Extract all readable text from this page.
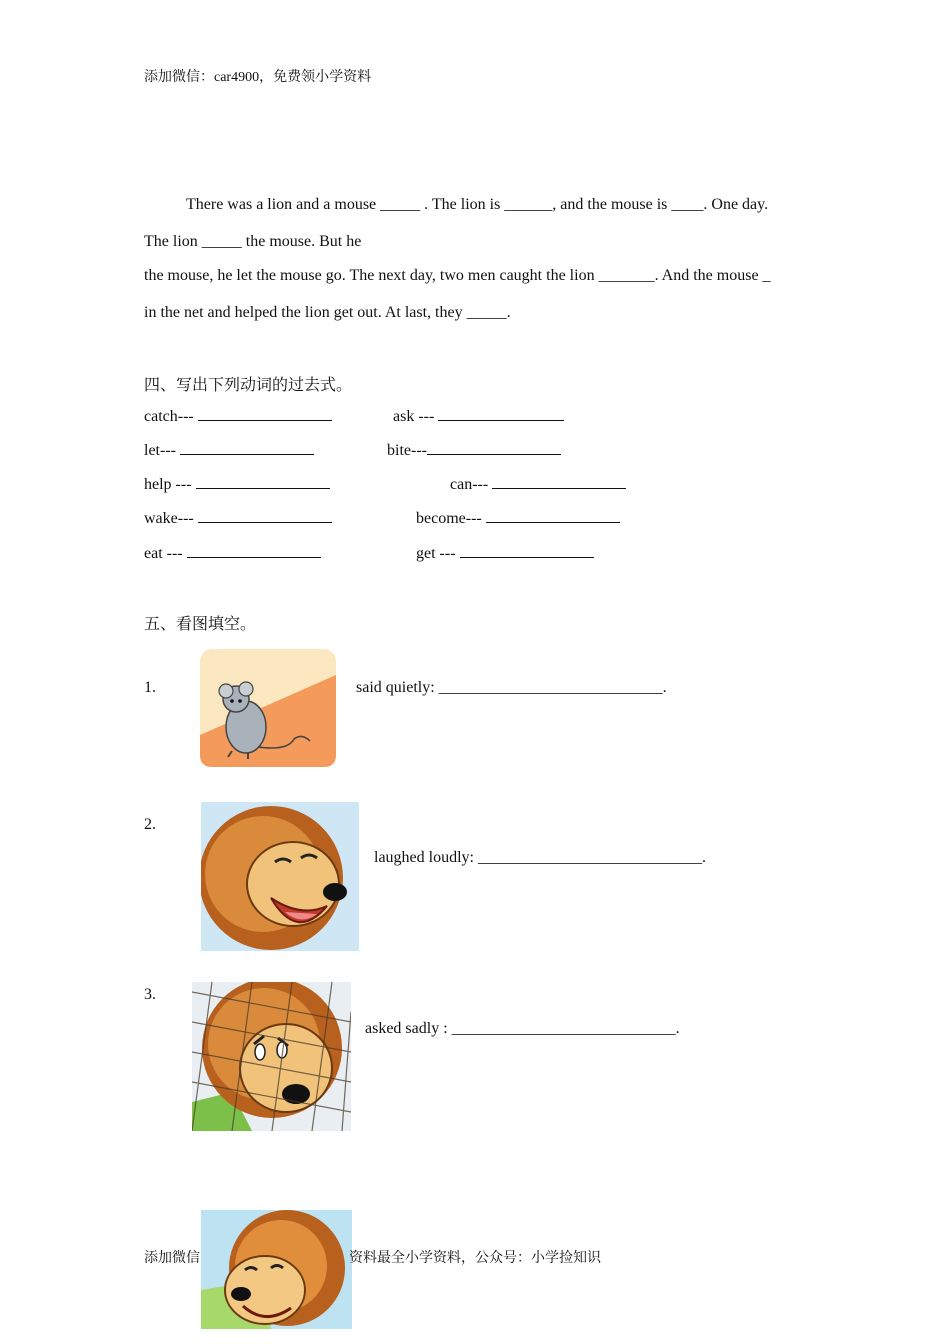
添加微信：car4900，免费领小学资料
There was a lion and a mouse _____ . The lion is ______, and the mouse is ____. One day.
The lion _____ the mouse. But he
the mouse, he let the mouse go. The next day, two men caught the lion _______. And the mouse _
in the net and helped the lion get out. At last, they _____.
四、写出下列动词的过去式。
catch---	ask ---
let---	bite---
help ---	can---
wake---	become---
eat ---	get ---
五、看图填空。
1.	said quietly: ____________________________.
2.
laughed loudly: ____________________________.
3.
asked sadly : ____________________________.
添加微信	资料最全小学资料，公众号：小学捡知识
